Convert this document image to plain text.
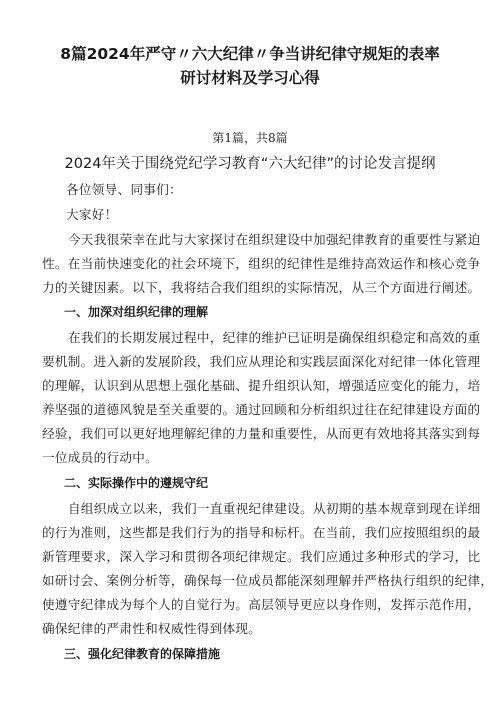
8篇2024年严守〃六大纪律〃争当讲纪律守规矩的表率
研讨材料及学习心得
第1篇，共8篇
2024年关于围绕党纪学习教育“六大纪律”的讨论发言提纲
各位领导、同事们：
大家好！
今天我很荣幸在此与大家探讨在组织建设中加强纪律教育的重要性与紧迫
性。在当前快速变化的社会环境下，组织的纪律性是维持高效运作和核心竞争
力的关键因素。以下，我将结合我们组织的实际情况，从三个方面进行阐述。
一、加深对组织纪律的理解
在我们的长期发展过程中，纪律的维护已证明是确保组织稳定和高效的重
要机制。进入新的发展阶段，我们应从理论和实践层面深化对纪律一体化管理
的理解，认识到从思想上强化基础、提升组织认知，增强适应变化的能力，培
养坚强的道德风貌是至关重要的。通过回顾和分析组织过往在纪律建设方面的
经验，我们可以更好地理解纪律的力量和重要性，从而更有效地将其落实到每
一位成员的行动中。
二、实际操作中的遵规守纪
自组织成立以来，我们一直重视纪律建设。从初期的基本规章到现在详细
的行为准则，这些都是我们行为的指导和标杆。在当前，我们应按照组织的最
新管理要求，深入学习和贯彻各项纪律规定。我们应通过多种形式的学习，比
如研讨会、案例分析等，确保每一位成员都能深刻理解并严格执行组织的纪律，
使遵守纪律成为每个人的自觉行为。高层领导更应以身作则，发挥示范作用，
确保纪律的严肃性和权威性得到体现。
三、强化纪律教育的保障措施
